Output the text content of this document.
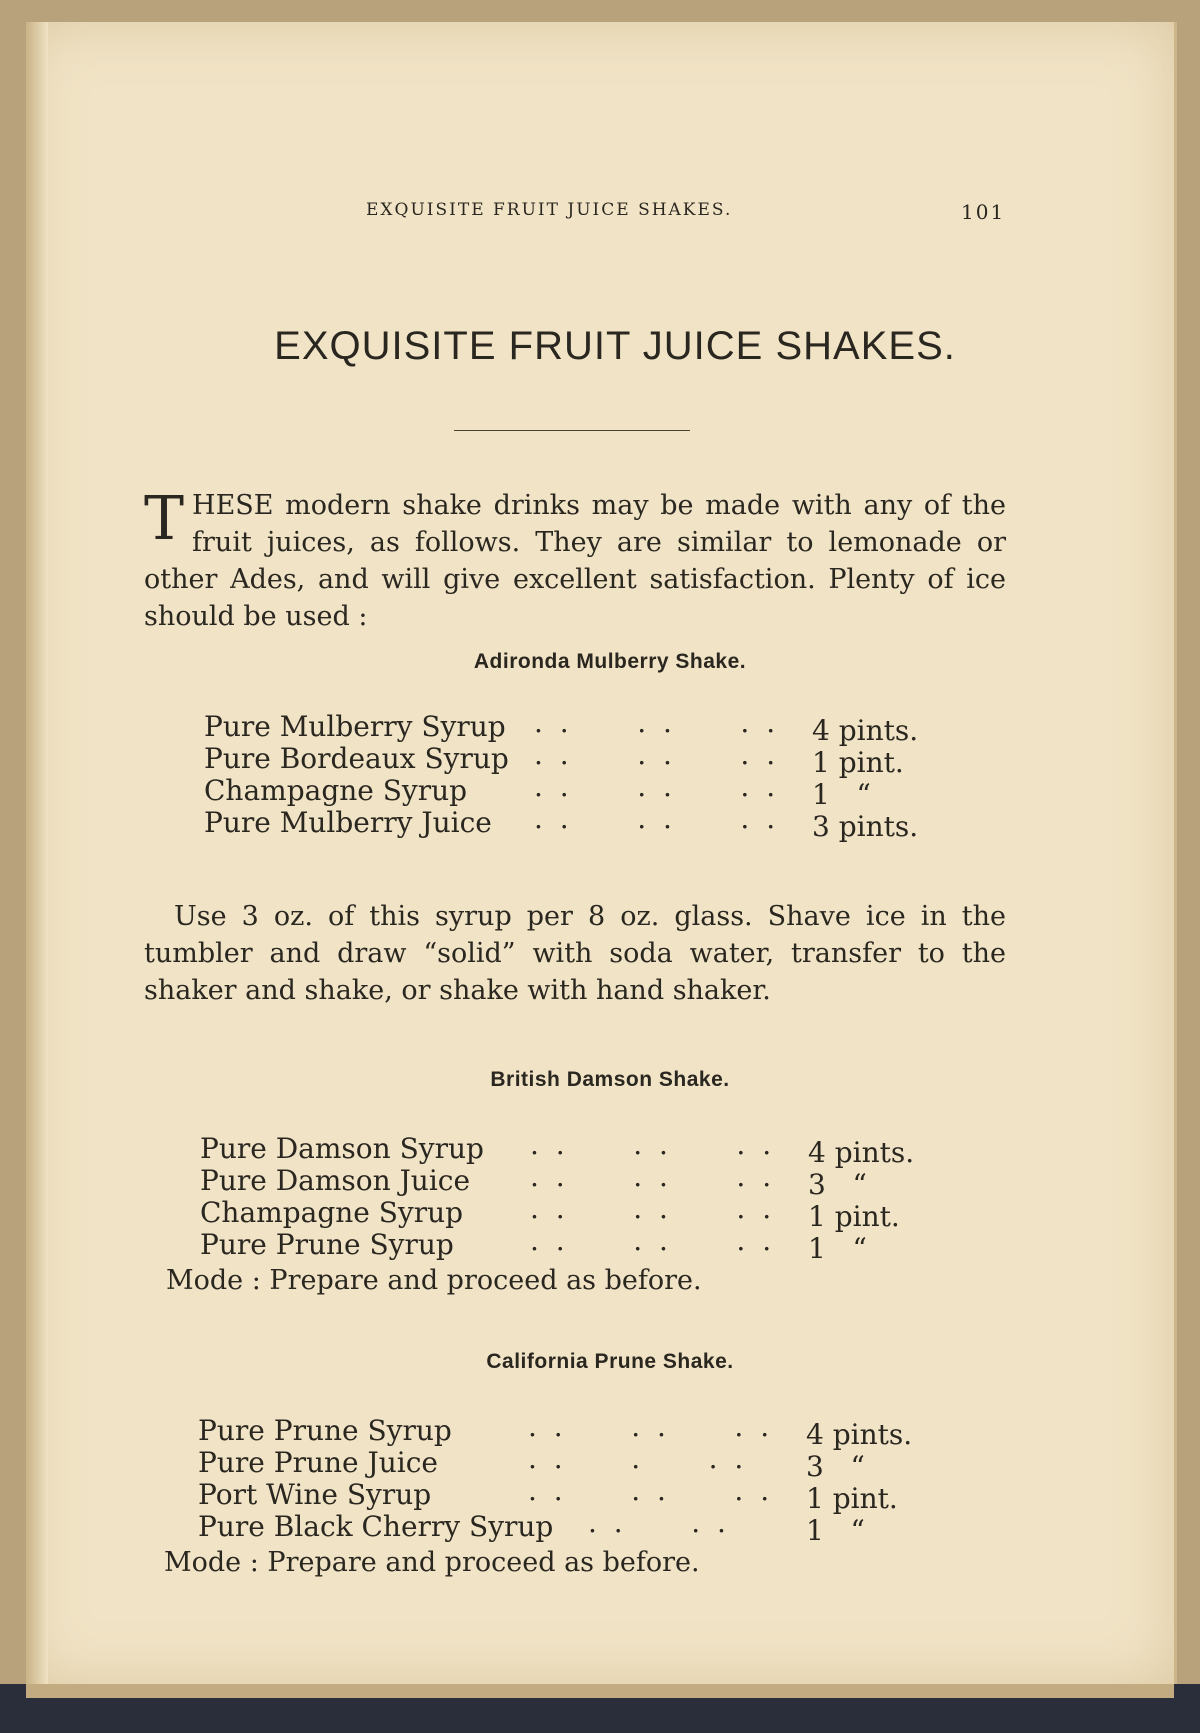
EXQUISITE FRUIT JUICE SHAKES.	101
EXQUISITE FRUIT JUICE SHAKES.
THESE modern shake drinks may be made with any of the fruit juices, as follows. They are similar to lemonade or other Ades, and will give excellent satisfaction. Plenty of ice should be used :
Adironda Mulberry Shake.
Pure Mulberry Syrup . .     . .     . . 4 pints.
Pure Bordeaux Syrup . .     . .     . . 1 pint.
Champagne Syrup . .     . .     . . 1   “
Pure Mulberry Juice . .     . .     . . 3 pints.
Use 3 oz. of this syrup per 8 oz. glass. Shave ice in the tumbler and draw “solid” with soda water, transfer to the shaker and shake, or shake with hand shaker.
British Damson Shake.
Pure Damson Syrup . .     . .     . . 4 pints.
Pure Damson Juice . .     . .     . . 3   “
Champagne Syrup . .     . .     . . 1 pint.
Pure Prune Syrup	. .     . .     . . 1   “
Mode : Prepare and proceed as before.
California Prune Shake.
Pure Prune Syrup	. .     . .     . . 4 pints.
Pure Prune Juice	. .     .     . . 3   “
Port Wine Syrup	. .     . .     . . 1 pint.
Pure Black Cherry Syrup . .     . .	1   “
Mode : Prepare and proceed as before.
